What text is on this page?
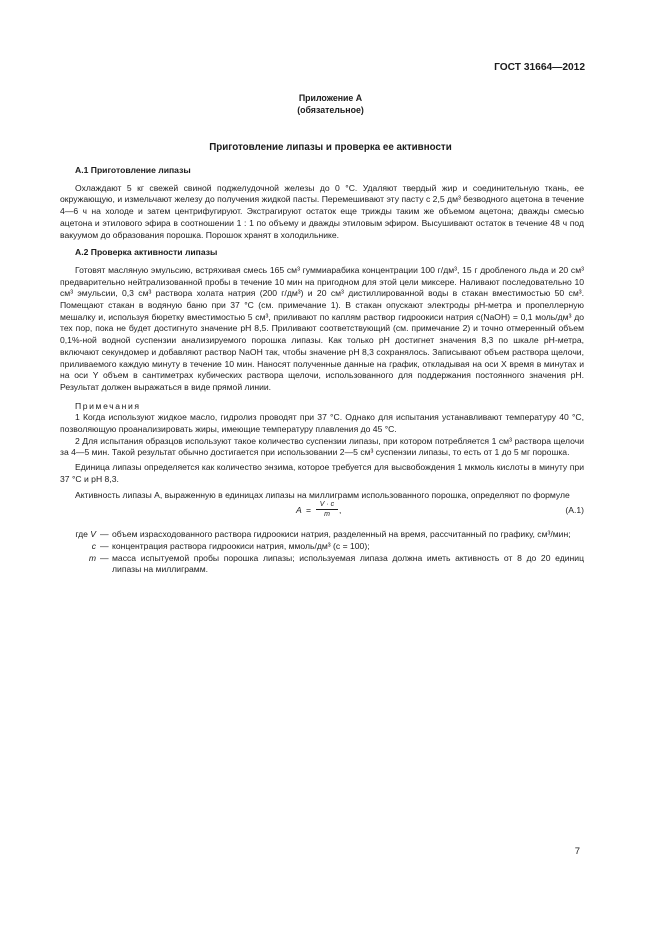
ГОСТ 31664—2012
Приложение А
(обязательное)
Приготовление липазы и проверка ее активности

А.1 Приготовление липазы

Охлаждают 5 кг свежей свиной поджелудочной железы до 0 °С. Удаляют твердый жир и соединительную ткань, ее окружающую, и измельчают железу до получения жидкой пасты. Перемешивают эту пасту с 2,5 дм³ безводного ацетона в течение 4—6 ч на холоде и затем центрифугируют. Экстрагируют остаток еще трижды таким же объемом ацетона; дважды смесью ацетона и этилового эфира в соотношении 1 : 1 по объему и дважды этиловым эфиром. Высушивают остаток в течение 48 ч под вакуумом до образования порошка. Порошок хранят в холодильнике.

А.2 Проверка активности липазы

Готовят масляную эмульсию, встряхивая смесь 165 см³ гуммиарабика концентрации 100 г/дм³, 15 г дробленого льда и 20 см³ предварительно нейтрализованной пробы в течение 10 мин на пригодном для этой цели миксере. Наливают последовательно 10 см³ эмульсии, 0,3 см³ раствора холата натрия (200 г/дм³) и 20 см³ дистиллированной воды в стакан вместимостью 50 см³. Помещают стакан в водяную баню при 37 °С (см. примечание 1). В стакан опускают электроды рН-метра и пропеллерную мешалку и, используя бюретку вместимостью 5 см³, приливают по каплям раствор гидроокиси натрия с(NaOH) = 0,1 моль/дм³ до тех пор, пока не будет достигнуто значение рН 8,5. Приливают соответствующий (см. примечание 2) и точно отмеренный объем 0,1%-ной водной суспензии анализируемого порошка липазы. Как только рН достигнет значения 8,3 по шкале рН-метра, включают секундомер и добавляют раствор NaOH так, чтобы значение рН 8,3 сохранялось. Записывают объем раствора щелочи, приливаемого каждую минуту в течение 10 мин. Наносят полученные данные на график, откладывая на оси X время в минутах и на оси Y объем в сантиметрах кубических раствора щелочи, использованного для поддержания постоянного значения рН. Результат должен выражаться в виде прямой линии.

Примечания

1 Когда используют жидкое масло, гидролиз проводят при 37 °С. Однако для испытания устанавливают температуру 40 °С, позволяющую проанализировать жиры, имеющие температуру плавления до 45 °С.

2 Для испытания образцов используют такое количество суспензии липазы, при котором потребляется 1 см³ раствора щелочи за 4—5 мин. Такой результат обычно достигается при использовании 2—5 см³ суспензии липазы, то есть от 1 до 5 мг порошка.

Единица липазы определяется как количество энзима, которое требуется для высвобождения 1 мкмоль кислоты в минуту при 37 °С и рН 8,3.

Активность липазы А, выраженную в единицах липазы на миллиграмм использованного порошка, определяют по формуле

$А = \frac{V \cdot c}{m}$ ,	(А.1)

где V — объем израсходованного раствора гидроокиси натрия, разделенный на время, рассчитанный по графику, см³/мин;

c — концентрация раствора гидроокиси натрия, ммоль/дм³ (с = 100);

m — масса испытуемой пробы порошка липазы; используемая липаза должна иметь активность от 8 до 20 единиц липазы на миллиграмм.

7
